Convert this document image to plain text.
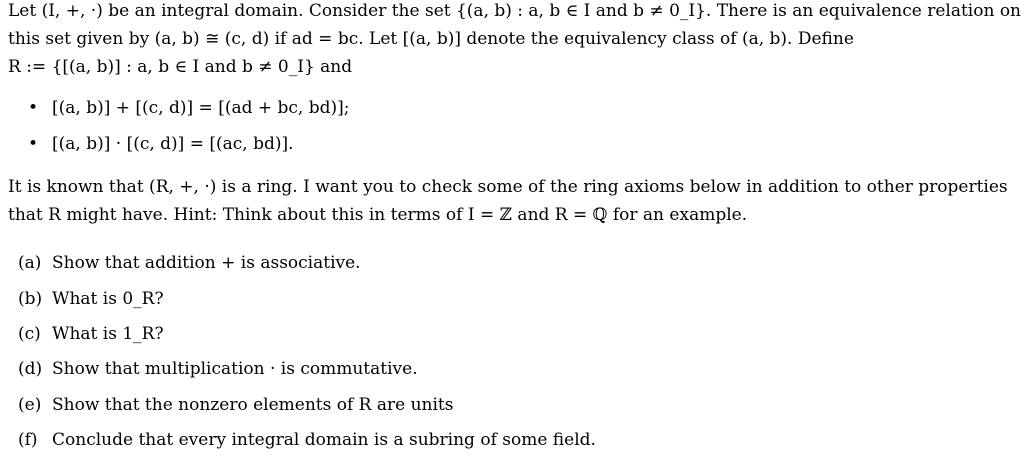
Let (I, +, ·) be an integral domain. Consider the set {(a, b) : a, b ∈ I and b ≠ 0_I}. There is an equivalence relation on
this set given by (a, b) ≅ (c, d) if ad = bc. Let [(a, b)] denote the equivalency class of (a, b). Define
R := {[(a, b)] : a, b ∈ I and b ≠ 0_I} and
• [(a, b)] + [(c, d)] = [(ad + bc, bd)];
• [(a, b)] · [(c, d)] = [(ac, bd)].
It is known that (R, +, ·) is a ring. I want you to check some of the ring axioms below in addition to other properties
that R might have. Hint: Think about this in terms of I = ℤ and R = ℚ for an example.
(a) Show that addition + is associative.
(b) What is 0_R?
(c) What is 1_R?
(d) Show that multiplication · is commutative.
(e) Show that the nonzero elements of R are units
(f) Conclude that every integral domain is a subring of some field.
